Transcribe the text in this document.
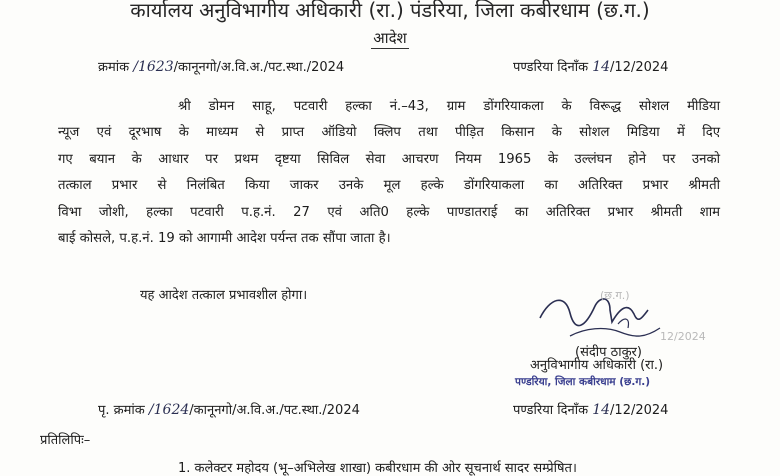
कार्यालय अनुविभागीय अधिकारी (रा.) पंडरिया, जिला कबीरधाम (छ.ग.)
आदेश
क्रमांक /1623/कानूनगो/अ.वि.अ./पट.स्था./2024	पण्डरिया दिनाँक 14/12/2024
श्री डोमन साहू, पटवारी हल्का नं.–43, ग्राम डोंगरियाकला के विरूद्ध सोशल मीडिया
न्यूज एवं दूरभाष के माध्यम से प्राप्त ऑडियो क्लिप तथा पीड़ित किसान के सोशल मिडिया में दिए
गए बयान के आधार पर प्रथम दृष्टया सिविल सेवा आचरण नियम 1965 के उल्लंघन होने पर उनको
तत्काल प्रभार से निलंबित किया जाकर उनके मूल हल्के डोंगरियाकला का अतिरिक्त प्रभार श्रीमती
विभा जोशी, हल्का पटवारी प.ह.नं. 27 एवं अति0 हल्के पाण्डातराई का अतिरिक्त प्रभार श्रीमती शाम
बाई कोसले, प.ह.नं. 19 को आगामी आदेश पर्यन्त तक सौंपा जाता है।
यह आदेश तत्काल प्रभावशील होगा।	(छ.ग.)
12/2024
(संदीप ठाकुर)
अनुविभागीय अधिकारी (रा.)
पण्डरिया, जिला कबीरधाम (छ.ग.)
पृ. क्रमांक /1624/कानूनगो/अ.वि.अ./पट.स्था./2024	पण्डरिया दिनाँक 14/12/2024
प्रतिलिपिः–
1. कलेक्टर महोदय (भू–अभिलेख शाखा) कबीरधाम की ओर सूचनार्थ सादर सम्प्रेषित।
